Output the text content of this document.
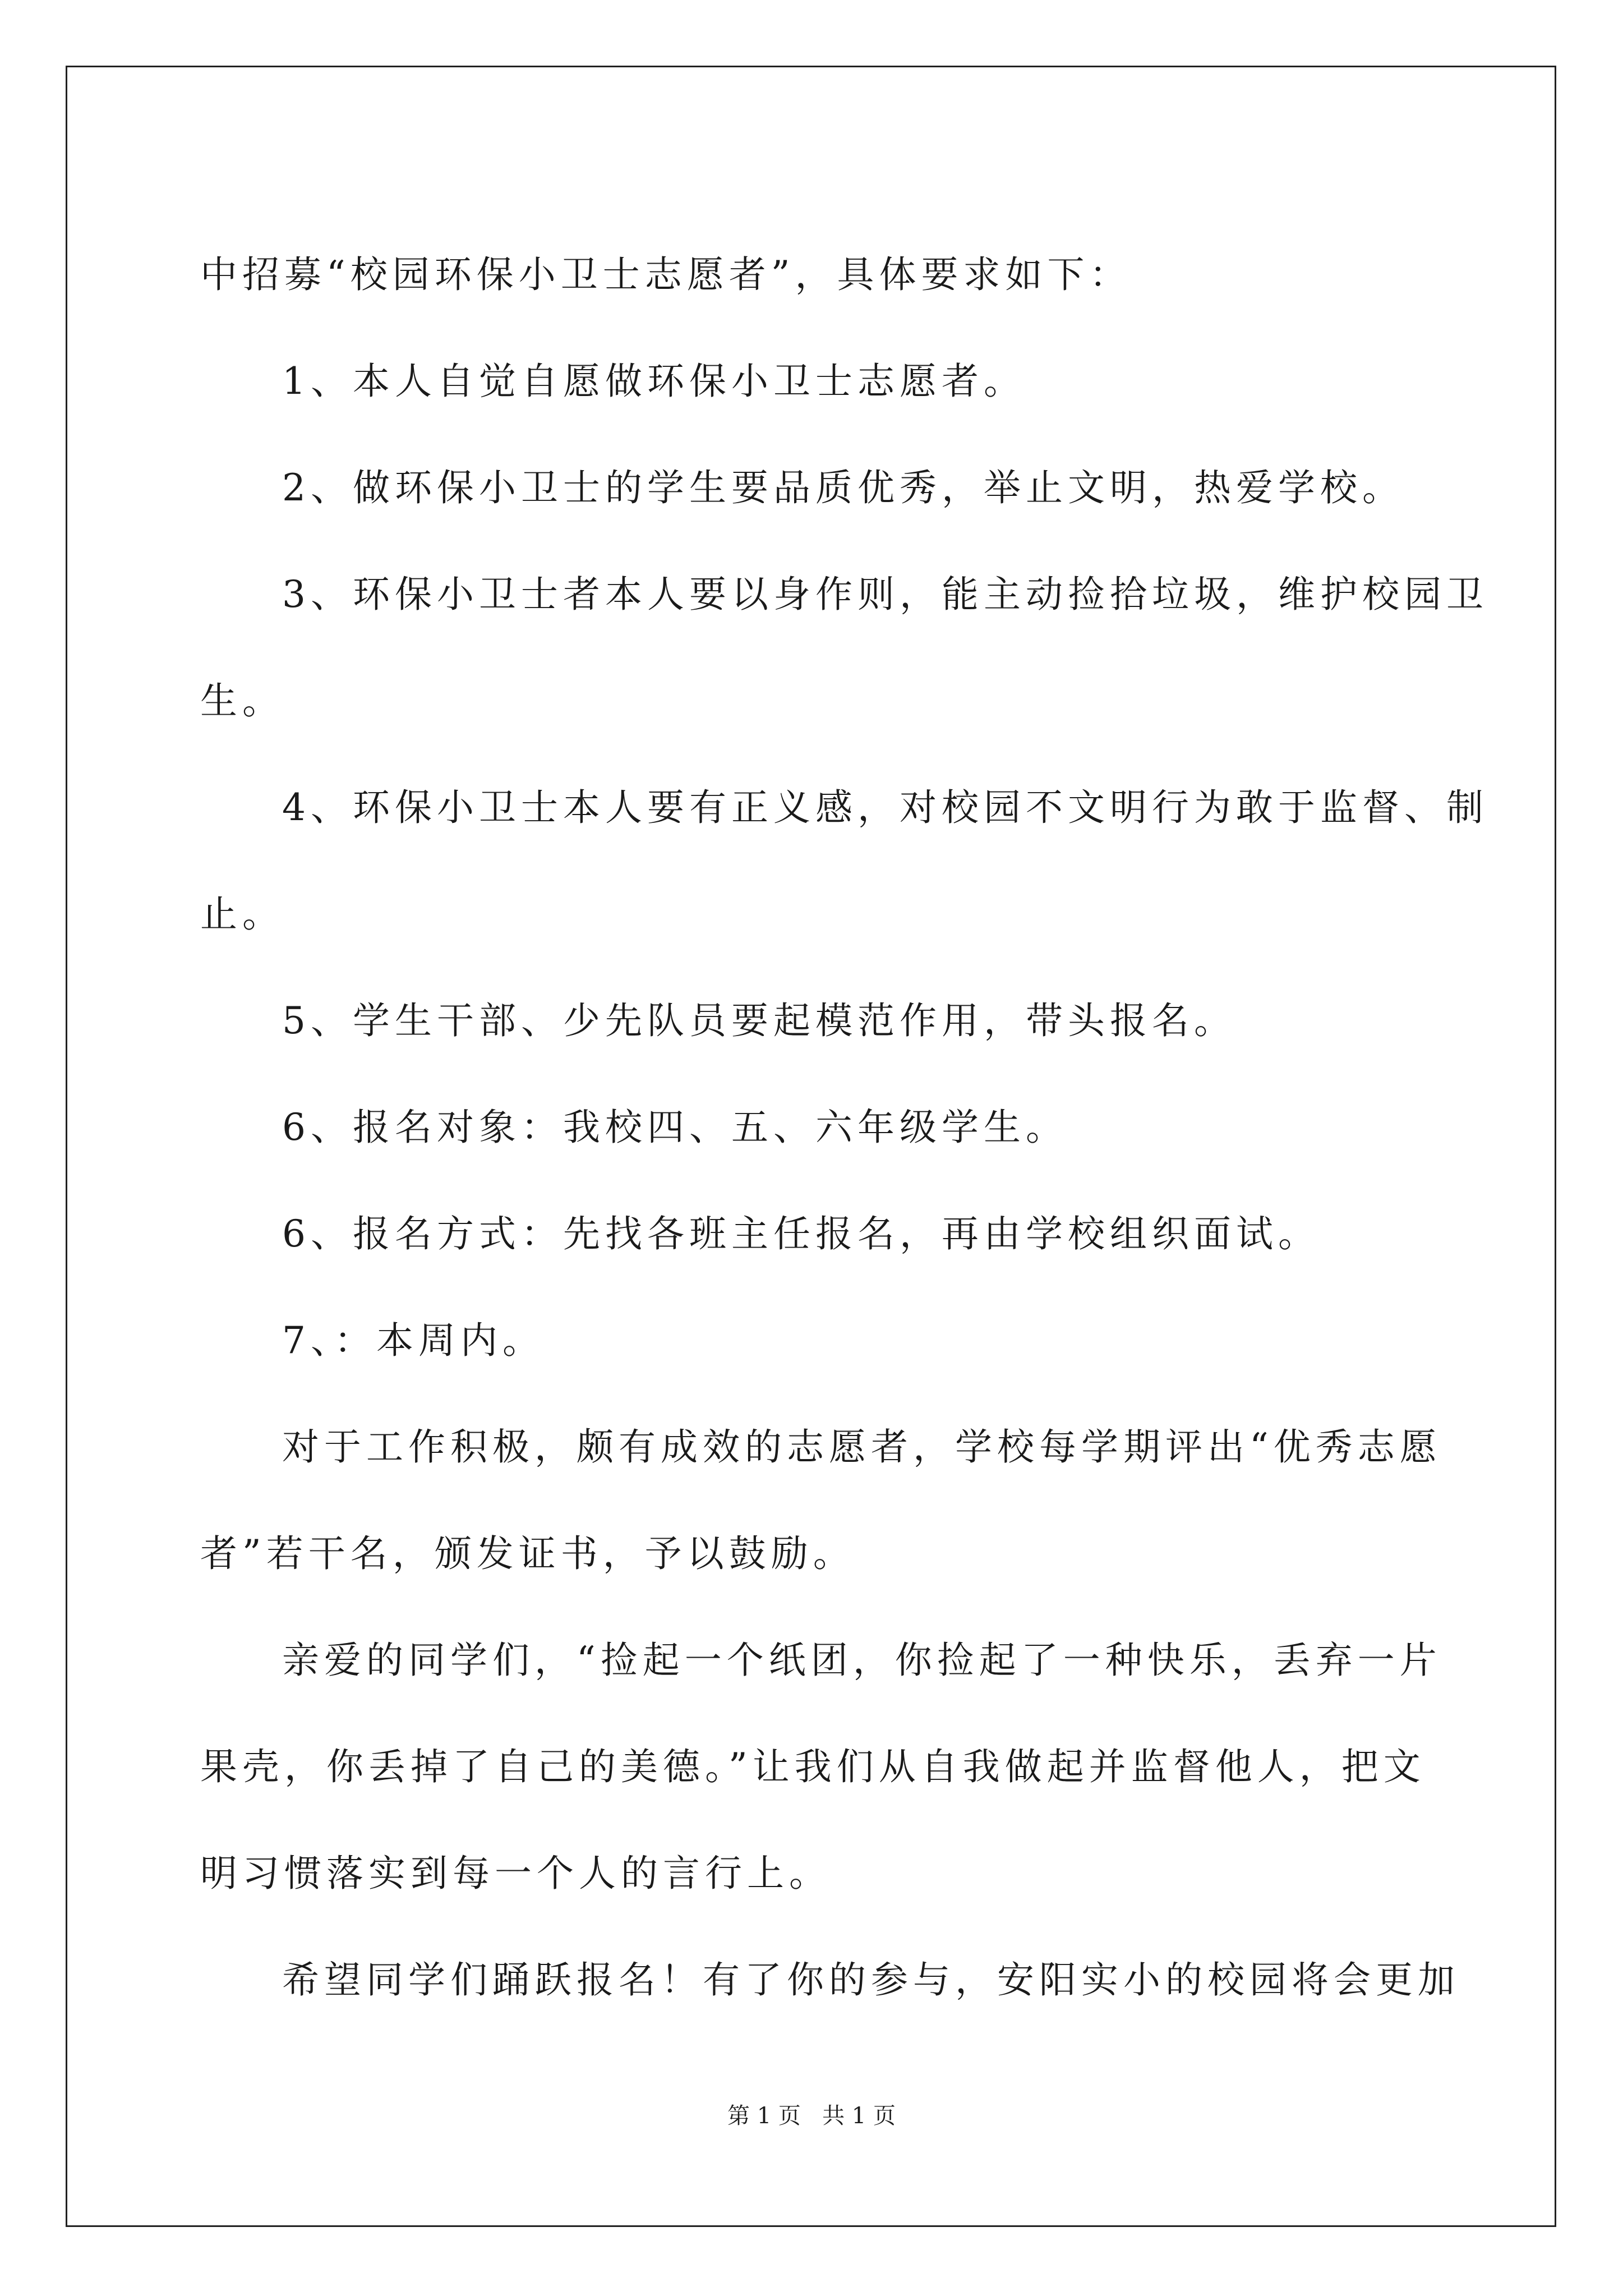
中招募“校园环保小卫士志愿者”，具体要求如下：

1、本人自觉自愿做环保小卫士志愿者。

2、做环保小卫士的学生要品质优秀，举止文明，热爱学校。

3、环保小卫士者本人要以身作则，能主动捡拾垃圾，维护校园卫

生。

4、环保小卫士本人要有正义感，对校园不文明行为敢于监督、制

止。

5、学生干部、少先队员要起模范作用，带头报名。

6、报名对象：我校四、五、六年级学生。

6、报名方式：先找各班主任报名，再由学校组织面试。

7、：本周内。

对于工作积极，颇有成效的志愿者，学校每学期评出“优秀志愿

者”若干名，颁发证书，予以鼓励。

亲爱的同学们，“捡起一个纸团，你捡起了一种快乐，丢弃一片

果壳，你丢掉了自己的美德。”让我们从自我做起并监督他人，把文

明习惯落实到每一个人的言行上。

希望同学们踊跃报名！有了你的参与，安阳实小的校园将会更加

第 1 页   共 1 页
